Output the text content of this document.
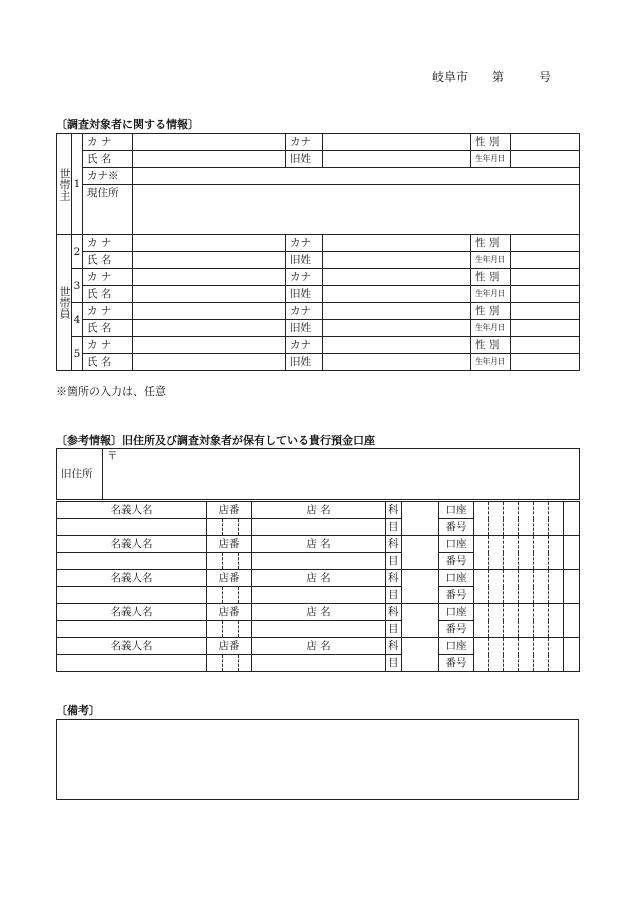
岐阜市 第	号
〔調査対象者に関する情報〕
世帯主	1	カ ナ		カナ		性 別	
		氏 名		旧姓		生年月日	
		カナ※					
		現住所					
世帯員	2	カ ナ		カナ		性 別	
		氏 名		旧姓		生年月日	
	3	カ ナ		カナ		性 別	
		氏 名		旧姓		生年月日	
	4	カ ナ		カナ		性 別	
		氏 名		旧姓		生年月日	
	5	カ ナ		カナ		性 別	
		氏 名		旧姓		生年月日	
※箇所の入力は、任意
〔参考情報〕旧住所及び調査対象者が保有している貴行預金口座
旧住所	〒
名義人名	店番			店 名	科		口座							
					目		番号							
名義人名	店番			店 名	科		口座							
					目		番号							
名義人名	店番			店 名	科		口座							
					目		番号							
名義人名	店番			店 名	科		口座							
					目		番号							
名義人名	店番			店 名	科		口座							
					目		番号							
〔備考〕
